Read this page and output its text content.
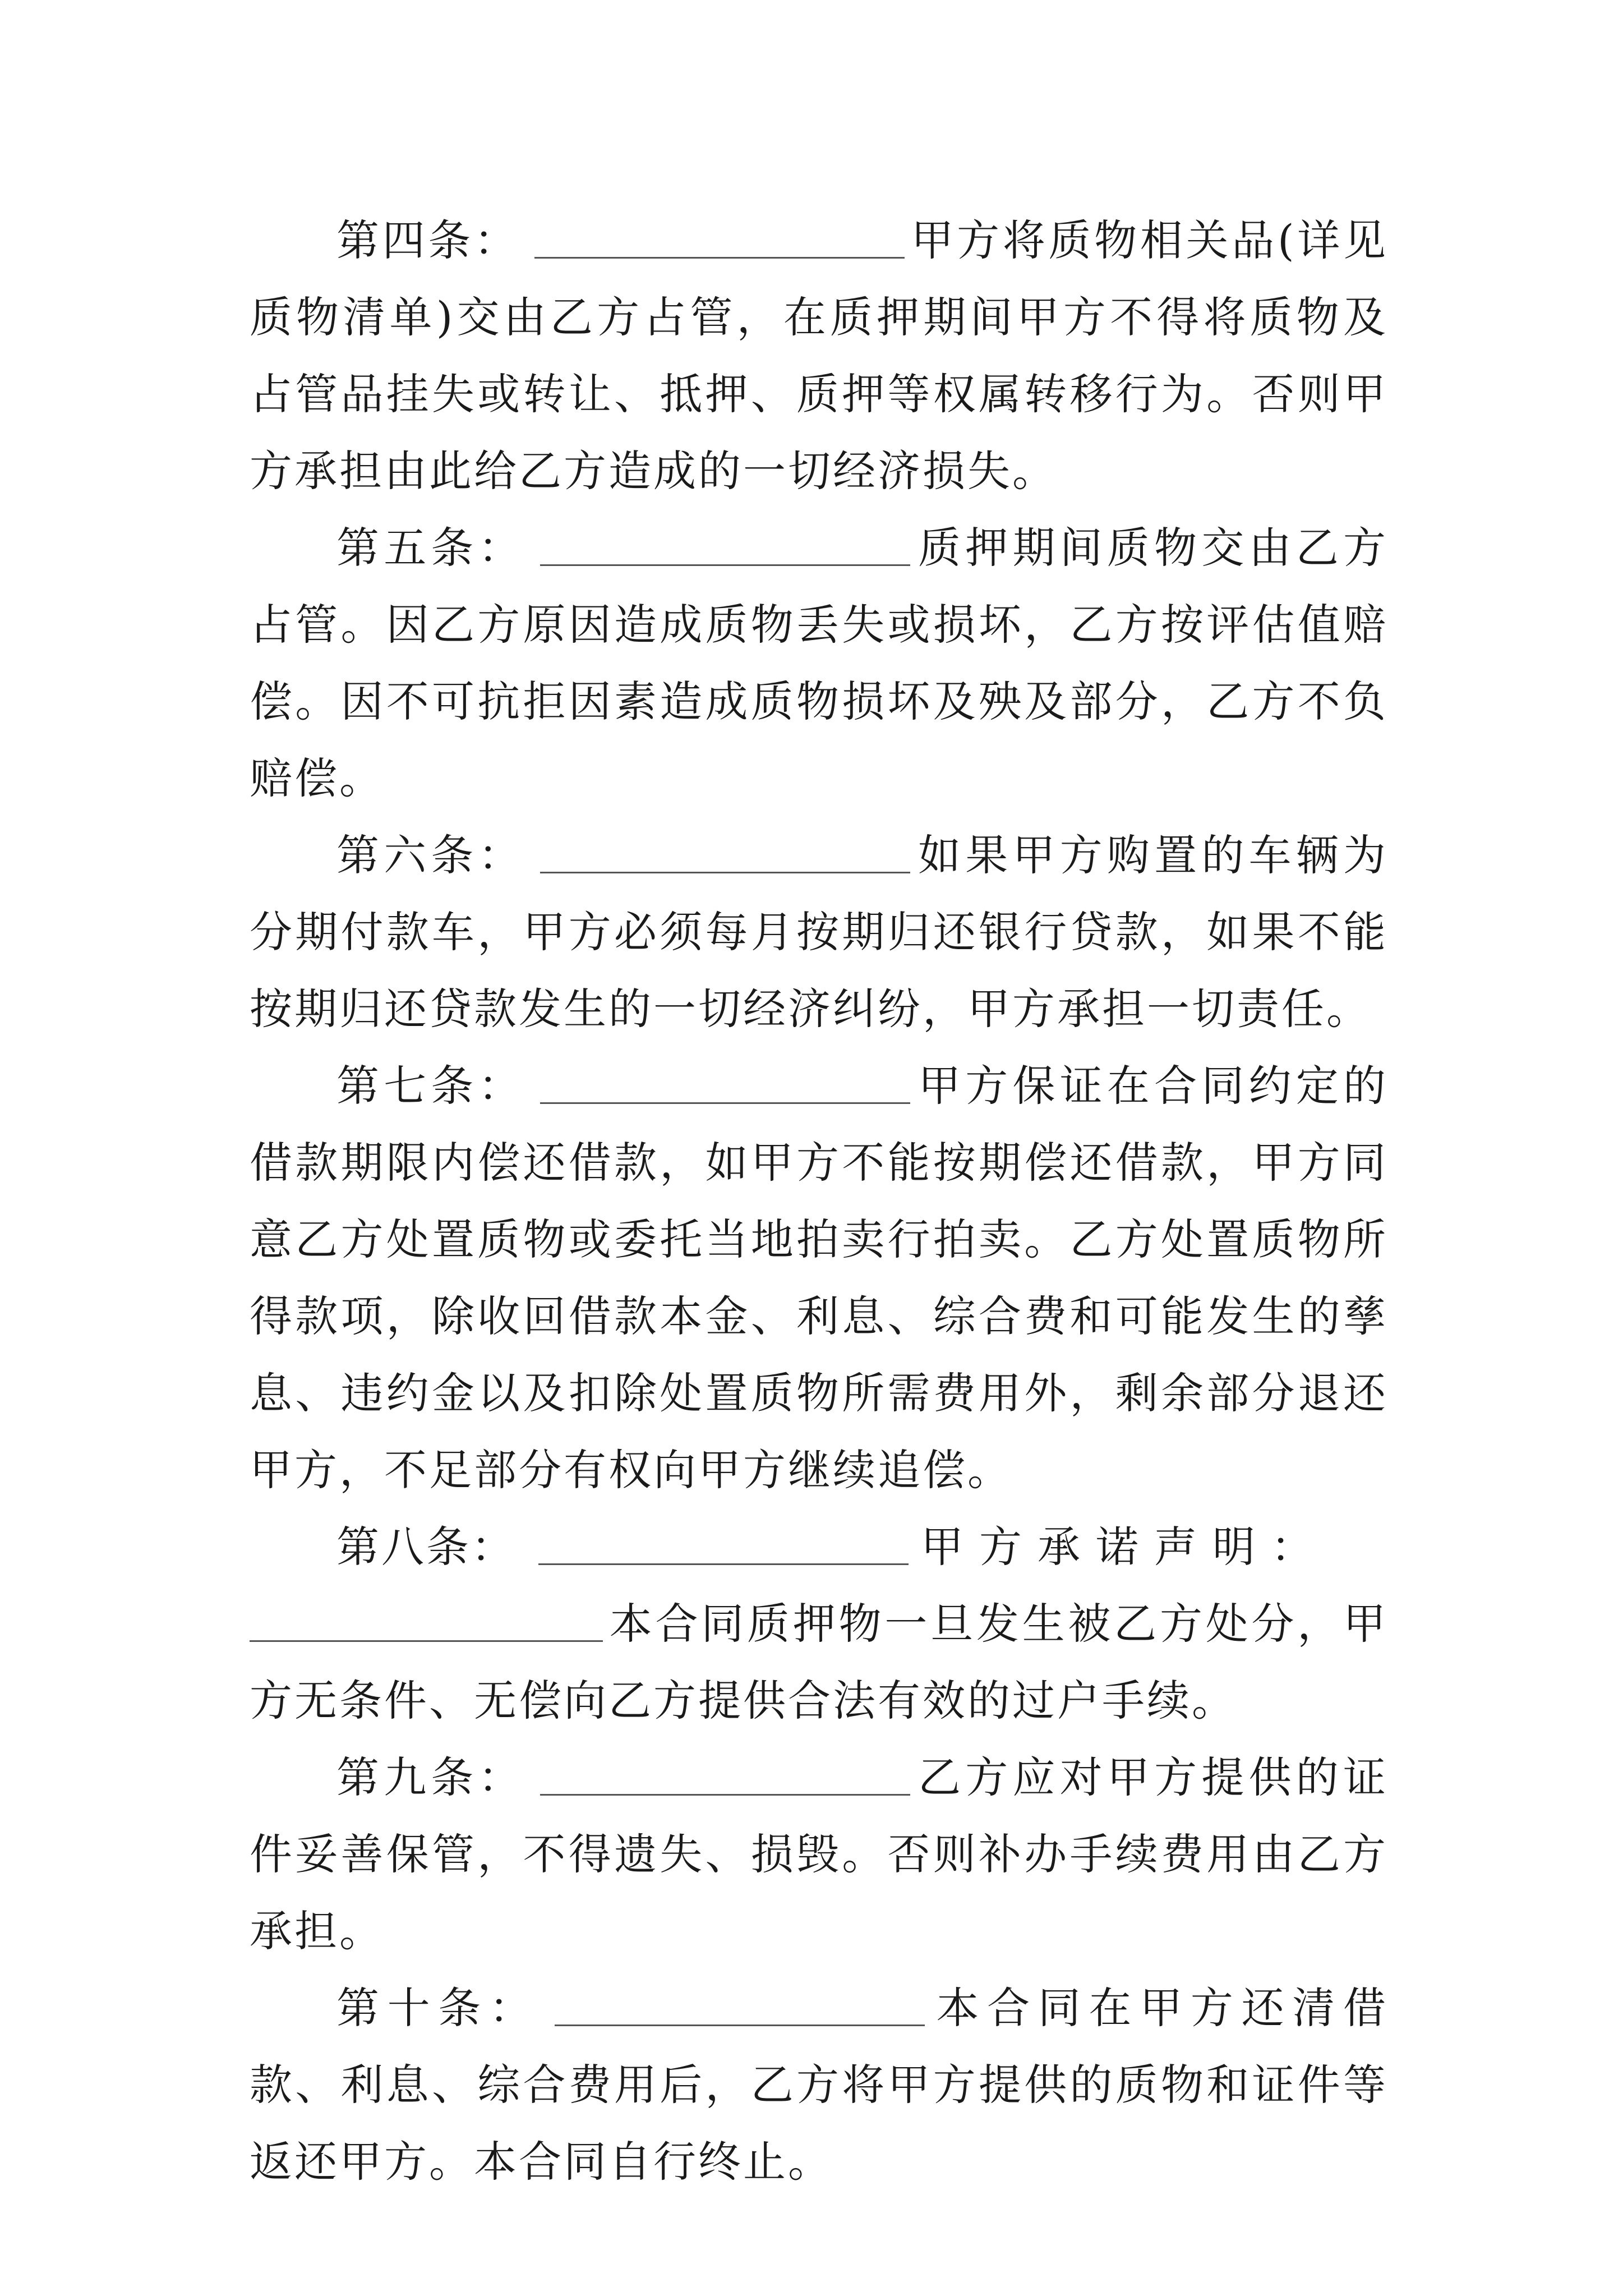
第四条：	甲方将质物相关品(详见质物清单)交由乙方占管，在质押期间甲方不得将质物及占管品挂失或转让、抵押、质押等权属转移行为。否则甲方承担由此给乙方造成的一切经济损失。

第五条：	质押期间质物交由乙方占管。因乙方原因造成质物丢失或损坏，乙方按评估值赔偿。因不可抗拒因素造成质物损坏及殃及部分，乙方不负赔偿。

第六条：	如果甲方购置的车辆为分期付款车，甲方必须每月按期归还银行贷款，如果不能按期归还贷款发生的一切经济纠纷，甲方承担一切责任。

第七条：	甲方保证在合同约定的借款期限内偿还借款，如甲方不能按期偿还借款，甲方同意乙方处置质物或委托当地拍卖行拍卖。乙方处置质物所得款项，除收回借款本金、利息、综合费和可能发生的孳息、违约金以及扣除处置质物所需费用外，剩余部分退还甲方，不足部分有权向甲方继续追偿。

第八条：	甲方承诺声明：

本合同质押物一旦发生被乙方处分，甲方无条件、无偿向乙方提供合法有效的过户手续。

第九条：	乙方应对甲方提供的证件妥善保管，不得遗失、损毁。否则补办手续费用由乙方承担。

第十条：	本合同在甲方还清借款、利息、综合费用后，乙方将甲方提供的质物和证件等返还甲方。本合同自行终止。
